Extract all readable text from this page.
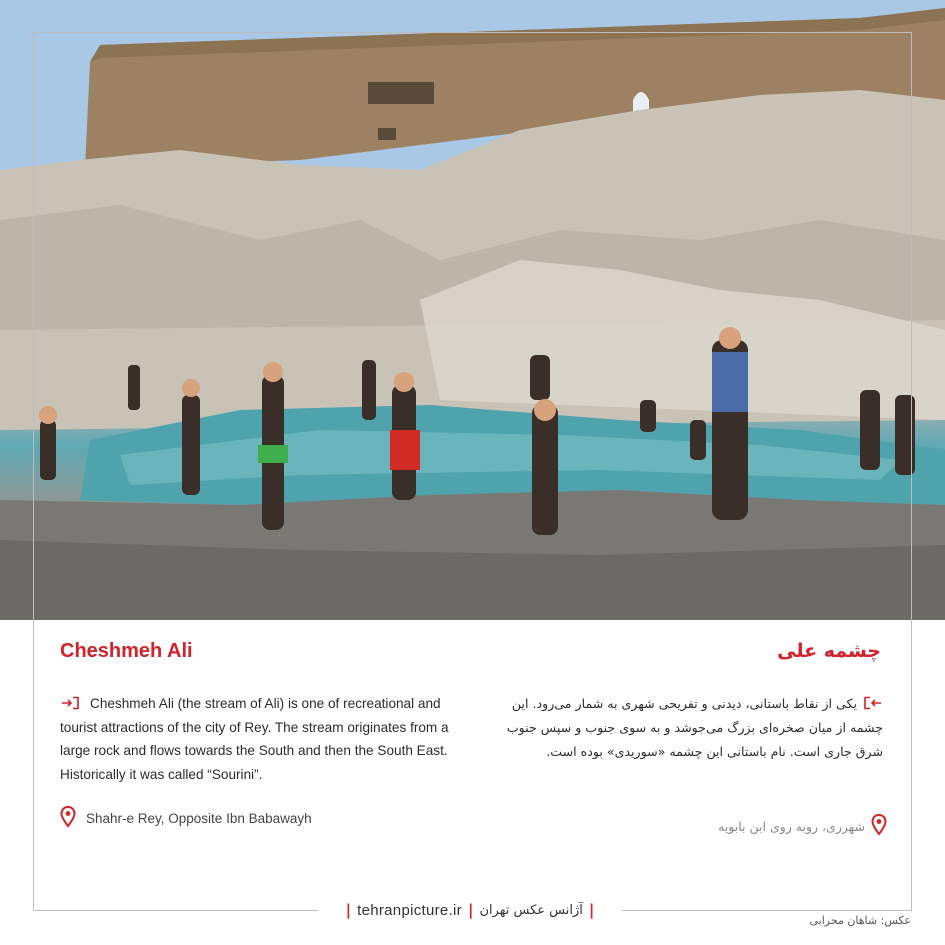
Cheshmeh Ali	چشمه علی
Cheshmeh Ali (the stream of Ali) is one of recreational and tourist attractions of the city of Rey. The stream originates from a large rock and flows towards the South and then the South East. Historically it was called “Sourini”.
یکی از نقاط باستانی، دیدنی و تفریحی شهری به شمار می‌رود. این چشمه از میان صخره‌ای بزرگ می‌جوشد و به سوی جنوب و سپس جنوب شرق جاری است. نام باستانی این چشمه «سوریدی» بوده است.
Shahr-e Rey, Opposite Ibn Babawayh
شهرری، روبه روی ابن بابویه
| tehranpicture.ir | آژانس عکس تهران |
عکس: شاهان محرابی
